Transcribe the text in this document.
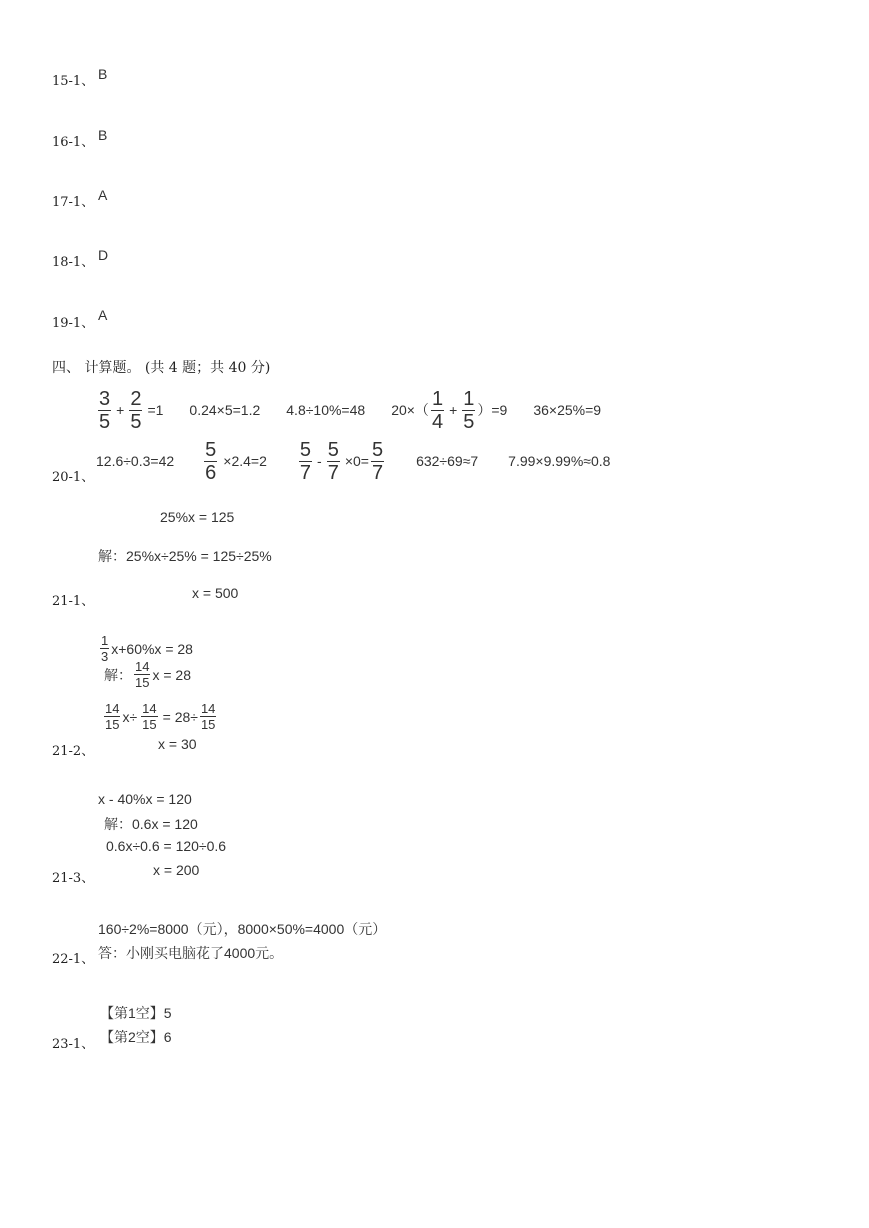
15-1、 B
16-1、 B
17-1、 A
18-1、 D
19-1、
A
四、 计算题。 (共 4 题；共 40 分)
$\frac{3}{5} + \frac{2}{5} =1$ 0.24×5=1.2 4.8÷10%=48 $20\times( \frac{1}{4} + \frac{1}{5} )=9$ 36×25%=9
$12.6\div 0.3=42 \frac{5}{6} \times 2.4=2 \frac{5}{7} - \frac{5}{7} \times 0= \frac{5}{7} 632\div 69\approx 7$ 7.99×9.99%≈0.8
20-1、
25%x = 125
解：25%x÷25% = 125÷25%
x = 500
21-1、
$\frac{1}{3} x+60\%x = 28$
解： $\frac{14}{15}$ x = 28
$\frac{14}{15} x\div \frac{14}{15} = 28\div \frac{14}{15}$
x = 30
21-2、
x - 40%x = 120
解：0.6x = 120
0.6x÷0.6 = 120÷0.6
x = 200
21-3、
160÷2%=8000（元），8000×50%=4000（元）
答：小刚买电脑花了4000元。
22-1、
【第1空】5
【第2空】6
23-1、
